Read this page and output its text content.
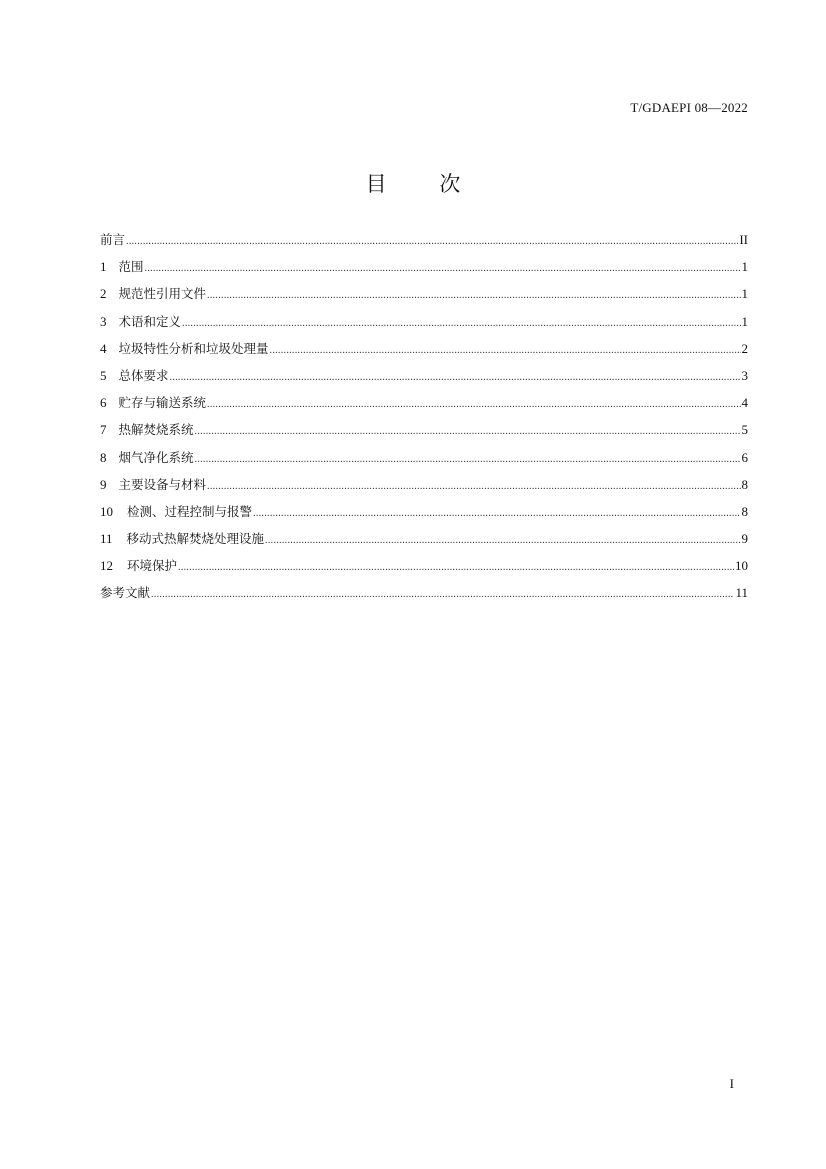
T/GDAEPI 08—2022
目 次
前言 .....	II
1 范围 .....	1
2 规范性引用文件 .....	1
3 术语和定义 .....	1
4 垃圾特性分析和垃圾处理量 .....	2
5 总体要求 .....	3
6 贮存与输送系统 .....	4
7 热解焚烧系统 .....	5
8 烟气净化系统 .....	6
9 主要设备与材料 .....	8
10 检测、过程控制与报警 .....	8
11 移动式热解焚烧处理设施 .....	9
12 环境保护 .....	10
参考文献 .....	11
I
